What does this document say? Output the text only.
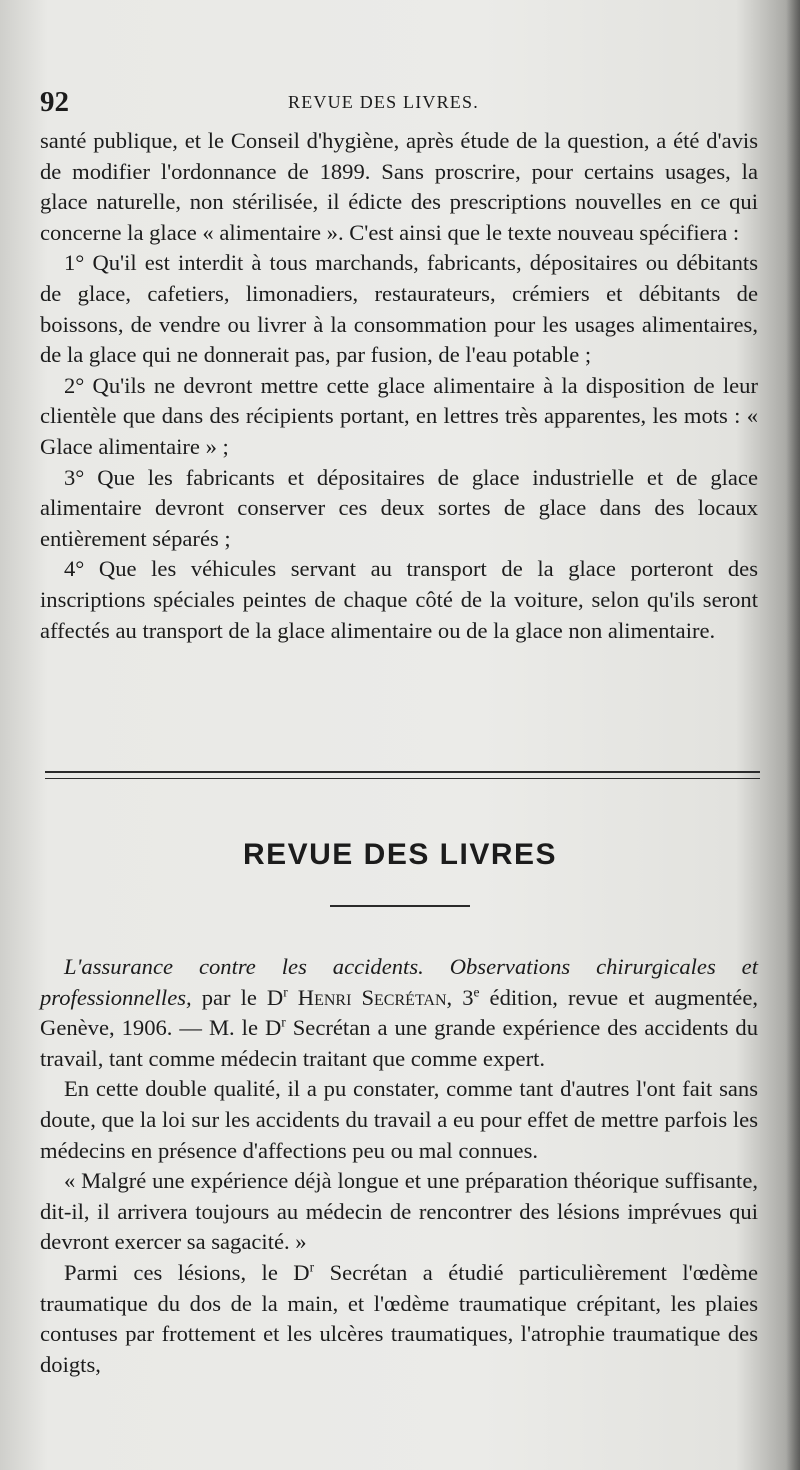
92	REVUE DES LIVRES.

santé publique, et le Conseil d'hygiène, après étude de la question, a été d'avis de modifier l'ordonnance de 1899. Sans proscrire, pour certains usages, la glace naturelle, non stérilisée, il édicte des prescriptions nouvelles en ce qui concerne la glace « alimentaire ». C'est ainsi que le texte nouveau spécifiera :

1° Qu'il est interdit à tous marchands, fabricants, dépositaires ou débitants de glace, cafetiers, limonadiers, restaurateurs, crémiers et débitants de boissons, de vendre ou livrer à la consommation pour les usages alimentaires, de la glace qui ne donnerait pas, par fusion, de l'eau potable ;

2° Qu'ils ne devront mettre cette glace alimentaire à la disposition de leur clientèle que dans des récipients portant, en lettres très apparentes, les mots : « Glace alimentaire » ;

3° Que les fabricants et dépositaires de glace industrielle et de glace alimentaire devront conserver ces deux sortes de glace dans des locaux entièrement séparés ;

4° Que les véhicules servant au transport de la glace porteront des inscriptions spéciales peintes de chaque côté de la voiture, selon qu'ils seront affectés au transport de la glace alimentaire ou de la glace non alimentaire.

REVUE DES LIVRES

L'assurance contre les accidents. Observations chirurgicales et professionnelles, par le $D^r$ Henri Secrétan, 3e édition, revue et augmentée, Genève, 1906. — M. le $D^r$ Secrétan a une grande expérience des accidents du travail, tant comme médecin traitant que comme expert.

En cette double qualité, il a pu constater, comme tant d'autres l'ont fait sans doute, que la loi sur les accidents du travail a eu pour effet de mettre parfois les médecins en présence d'affections peu ou mal connues.

« Malgré une expérience déjà longue et une préparation théorique suffisante, dit-il, il arrivera toujours au médecin de rencontrer des lésions imprévues qui devront exercer sa sagacité. »

Parmi ces lésions, le $D^r$ Secrétan a étudié particulièrement l'œdème traumatique du dos de la main, et l'œdème traumatique crépitant, les plaies contuses par frottement et les ulcères traumatiques, l'atrophie traumatique des doigts,
